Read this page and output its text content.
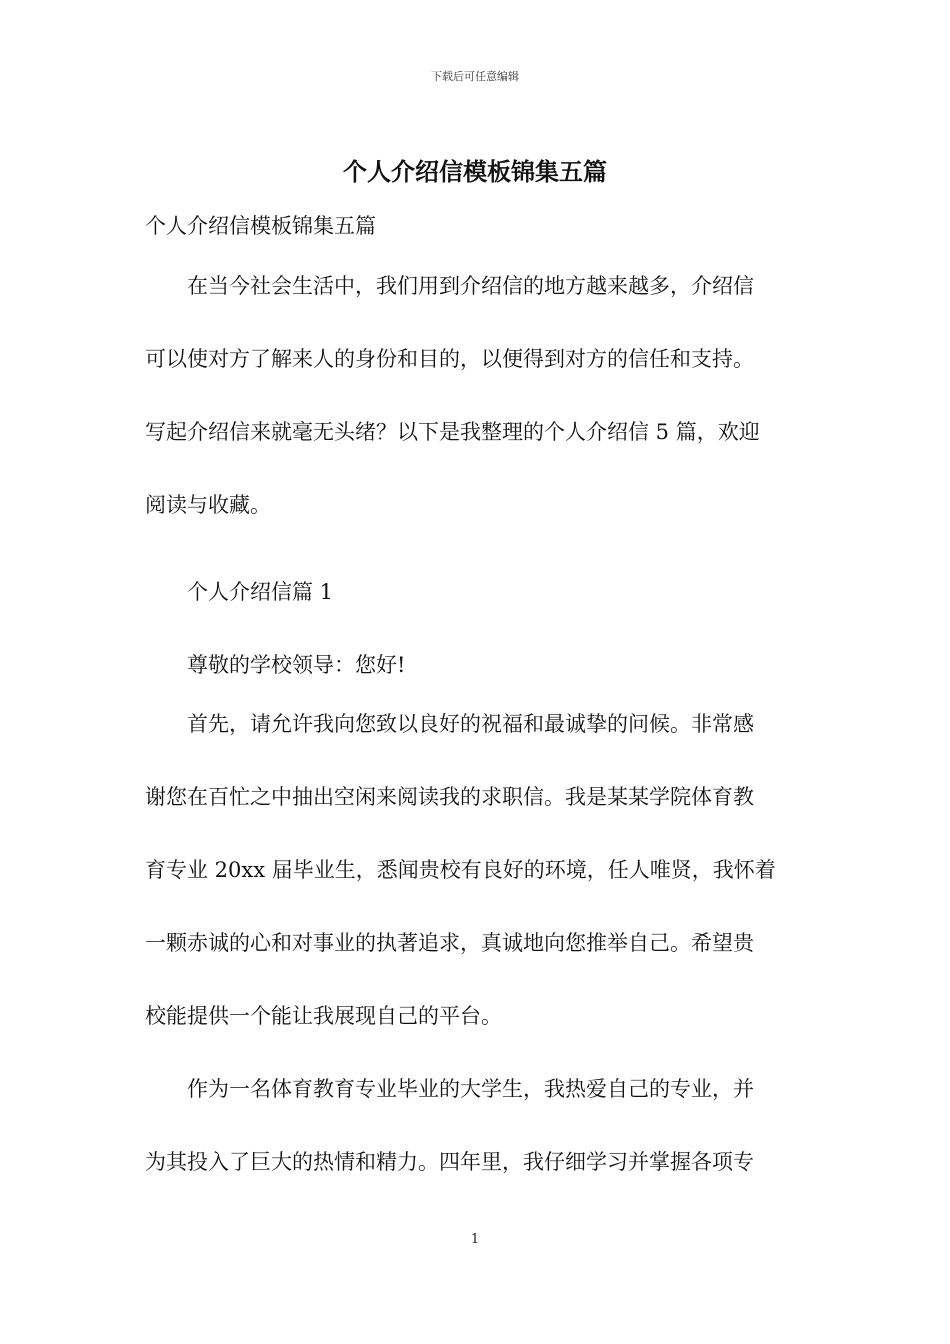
下载后可任意编辑
个人介绍信模板锦集五篇

个人介绍信模板锦集五篇

在当今社会生活中，我们用到介绍信的地方越来越多，介绍信
可以使对方了解来人的身份和目的，以便得到对方的信任和支持。
写起介绍信来就毫无头绪？以下是我整理的个人介绍信 5 篇，欢迎
阅读与收藏。

个人介绍信篇 1

尊敬的学校领导：您好!

首先，请允许我向您致以良好的祝福和最诚挚的问候。非常感
谢您在百忙之中抽出空闲来阅读我的求职信。我是某某学院体育教
育专业 20xx 届毕业生，悉闻贵校有良好的环境，任人唯贤，我怀着
一颗赤诚的心和对事业的执著追求，真诚地向您推举自己。希望贵
校能提供一个能让我展现自己的平台。
作为一名体育教育专业毕业的大学生，我热爱自己的专业，并
为其投入了巨大的热情和精力。四年里，我仔细学习并掌握各项专
1
